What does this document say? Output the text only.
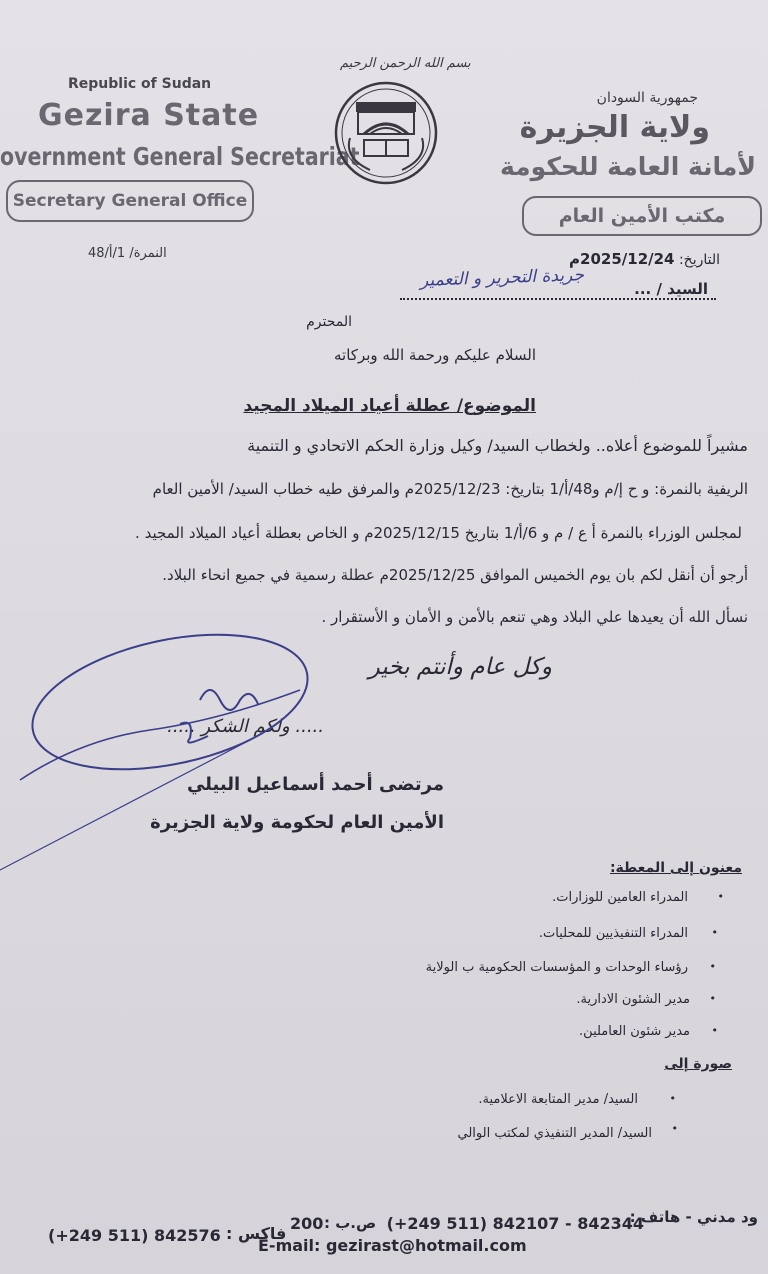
Republic of Sudan
Gezira State
overnment General Secretariat
Secretary General Office
بسم الله الرحمن الرحيم
جمهورية السودان
ولاية الجزيرة
لأمانة العامة للحكومة
مكتب الأمين العام
النمرة/ 1/أ/48	التاريخ: 2025/12/24م
السيد / ...
جريدة التحرير و التعمير
المحترم
السلام عليكم ورحمة الله وبركاته
الموضوع/ عطلة أعياد الميلاد المجيد
مشيراً للموضوع أعلاه.. ولخطاب السيد/ وكيل وزارة الحكم الاتحادي و التنمية
الريفية بالنمرة: و ح إ/م و48/أ/1 بتاريخ: 2025/12/23م والمرفق طيه خطاب السيد/ الأمين العام
لمجلس الوزراء بالنمرة أ ع / م و 6/أ/1 بتاريخ 2025/12/15م و الخاص بعطلة أعياد الميلاد المجيد .
أرجو أن أنقل لكم بان يوم الخميس الموافق 2025/12/25م عطلة رسمية في جميع انحاء البلاد.
نسأل الله أن يعيدها علي البلاد وهي تنعم بالأمن و الأمان و الأستقرار .
وكل عام وأنتم بخير
..... ولكم الشكر .....
مرتضى أحمد أسماعيل البيلي
الأمين العام لحكومة ولاية الجزيرة
معنون إلى المعطة:
المدراء العامين للوزارات.	•
المدراء التنفيذيين للمحليات. •
رؤساء الوحدات و المؤسسات الحكومية ب الولاية •
مدير الشئون الادارية. •
مدير شئون العاملين. •
صورة إلى
السيد/ مدير المتابعة الاعلامية.	•
السيد/ المدير التنفيذي لمكتب الوالي •
ود مدني - هاتف :
(+249 511) 842107 - 842344
ص.ب :
200
فاكس :
(+249 511) 842576
E-mail: gezirast@hotmail.com
